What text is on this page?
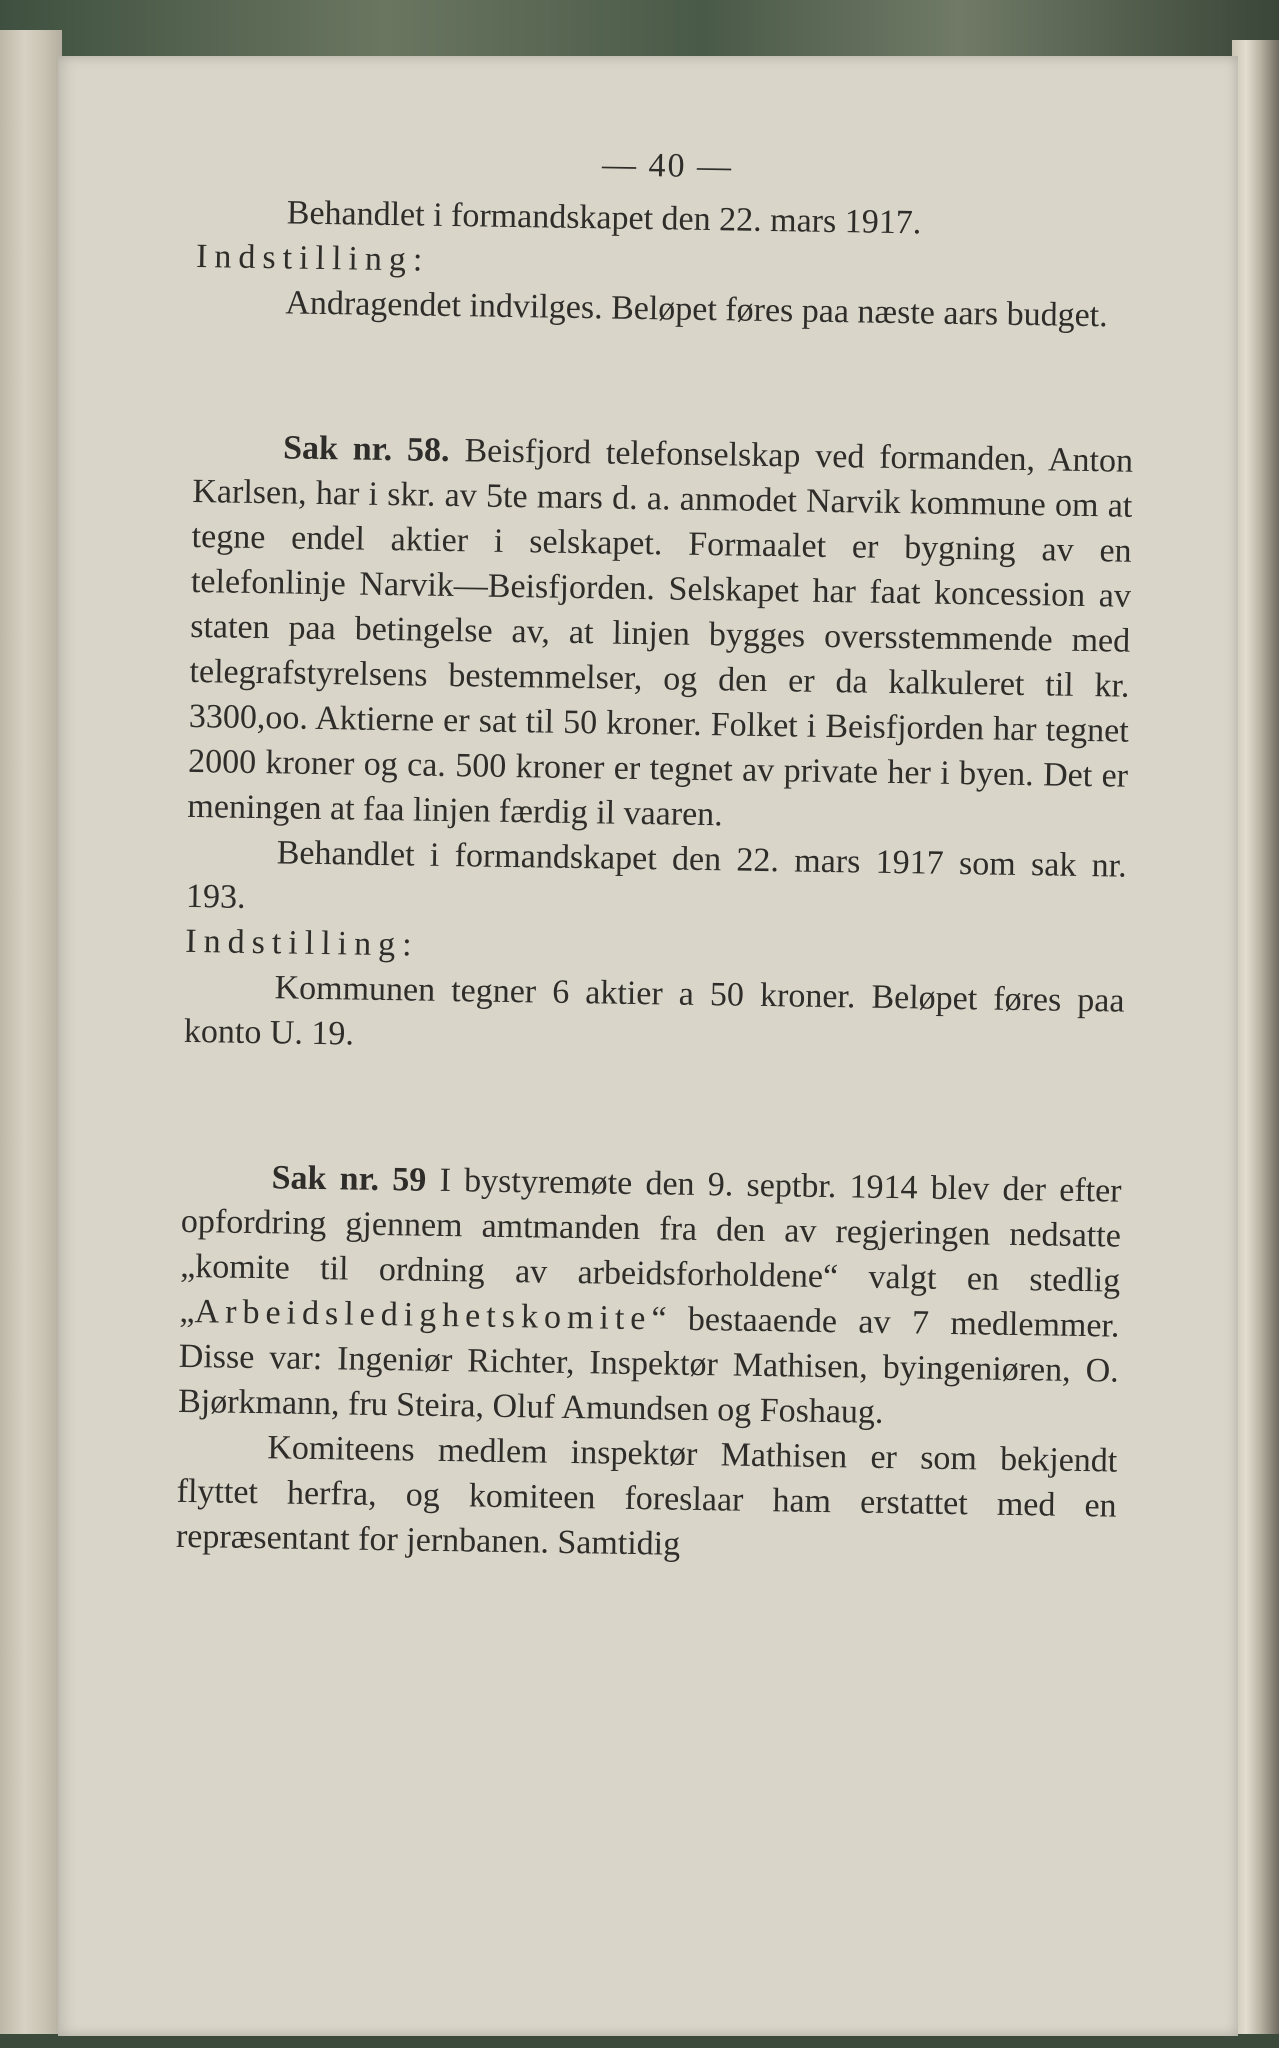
— 40 —

Behandlet i formandskapet den 22. mars 1917.

Indstilling:

Andragendet indvilges. Beløpet føres paa næste aars budget.

Sak nr. 58. Beisfjord telefonselskap ved formanden, Anton Karlsen, har i skr. av 5te mars d. a. anmodet Narvik kommune om at tegne endel aktier i selskapet. Formaalet er bygning av en telefonlinje Narvik—Beisfjorden. Selskapet har faat koncession av staten paa betingelse av, at linjen bygges oversstemmende med telegrafstyrelsens bestemmelser, og den er da kalkuleret til kr. 3300,oo. Aktierne er sat til 50 kroner. Folket i Beisfjorden har tegnet 2000 kroner og ca. 500 kroner er tegnet av private her i byen. Det er meningen at faa linjen færdig il vaaren.

Behandlet i formandskapet den 22. mars 1917 som sak nr. 193.

Indstilling:

Kommunen tegner 6 aktier a 50 kroner. Beløpet føres paa konto U. 19.

Sak nr. 59 I bystyremøte den 9. septbr. 1914 blev der efter opfordring gjennem amtmanden fra den av regjeringen nedsatte „komite til ordning av arbeidsforholdene“ valgt en stedlig „Arbeidsledighetskomite“ bestaaende av 7 medlemmer. Disse var: Ingeniør Richter, Inspektør Mathisen, byingeniøren, O. Bjørkmann, fru Steira, Oluf Amundsen og Foshaug.

Komiteens medlem inspektør Mathisen er som bekjendt flyttet herfra, og komiteen foreslaar ham erstattet med en repræsentant for jernbanen. Samtidig
